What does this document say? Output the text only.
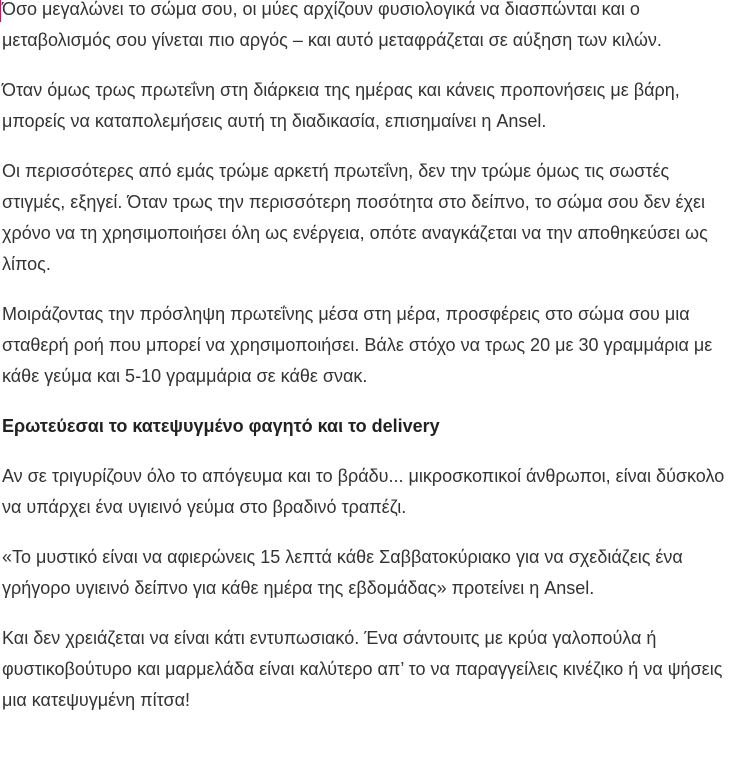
Όσο μεγαλώνει το σώμα σου, οι μύες αρχίζουν φυσιολογικά να διασπώνται και ο μεταβολισμός σου γίνεται πιο αργός – και αυτό μεταφράζεται σε αύξηση των κιλών.

Όταν όμως τρως πρωτεΐνη στη διάρκεια της ημέρας και κάνεις προπονήσεις με βάρη, μπορείς να καταπολεμήσεις αυτή τη διαδικασία, επισημαίνει η Ansel.

Οι περισσότερες από εμάς τρώμε αρκετή πρωτεΐνη, δεν την τρώμε όμως τις σωστές στιγμές, εξηγεί. Όταν τρως την περισσότερη ποσότητα στο δείπνο, το σώμα σου δεν έχει χρόνο να τη χρησιμοποιήσει όλη ως ενέργεια, οπότε αναγκάζεται να την αποθηκεύσει ως λίπος.

Μοιράζοντας την πρόσληψη πρωτεΐνης μέσα στη μέρα, προσφέρεις στο σώμα σου μια σταθερή ροή που μπορεί να χρησιμοποιήσει. Βάλε στόχο να τρως 20 με 30 γραμμάρια με κάθε γεύμα και 5-10 γραμμάρια σε κάθε σνακ.

Ερωτεύεσαι το κατεψυγμένο φαγητό και το delivery

Αν σε τριγυρίζουν όλο το απόγευμα και το βράδυ... μικροσκοπικοί άνθρωποι, είναι δύσκολο να υπάρχει ένα υγιεινό γεύμα στο βραδινό τραπέζι.

«Το μυστικό είναι να αφιερώνεις 15 λεπτά κάθε Σαββατοκύριακο για να σχεδιάζεις ένα γρήγορο υγιεινό δείπνο για κάθε ημέρα της εβδομάδας» προτείνει η Ansel.

Και δεν χρειάζεται να είναι κάτι εντυπωσιακό. Ένα σάντουιτς με κρύα γαλοπούλα ή φυστικοβούτυρο και μαρμελάδα είναι καλύτερο απ’ το να παραγγείλεις κινέζικο ή να ψήσεις μια κατεψυγμένη πίτσα!
